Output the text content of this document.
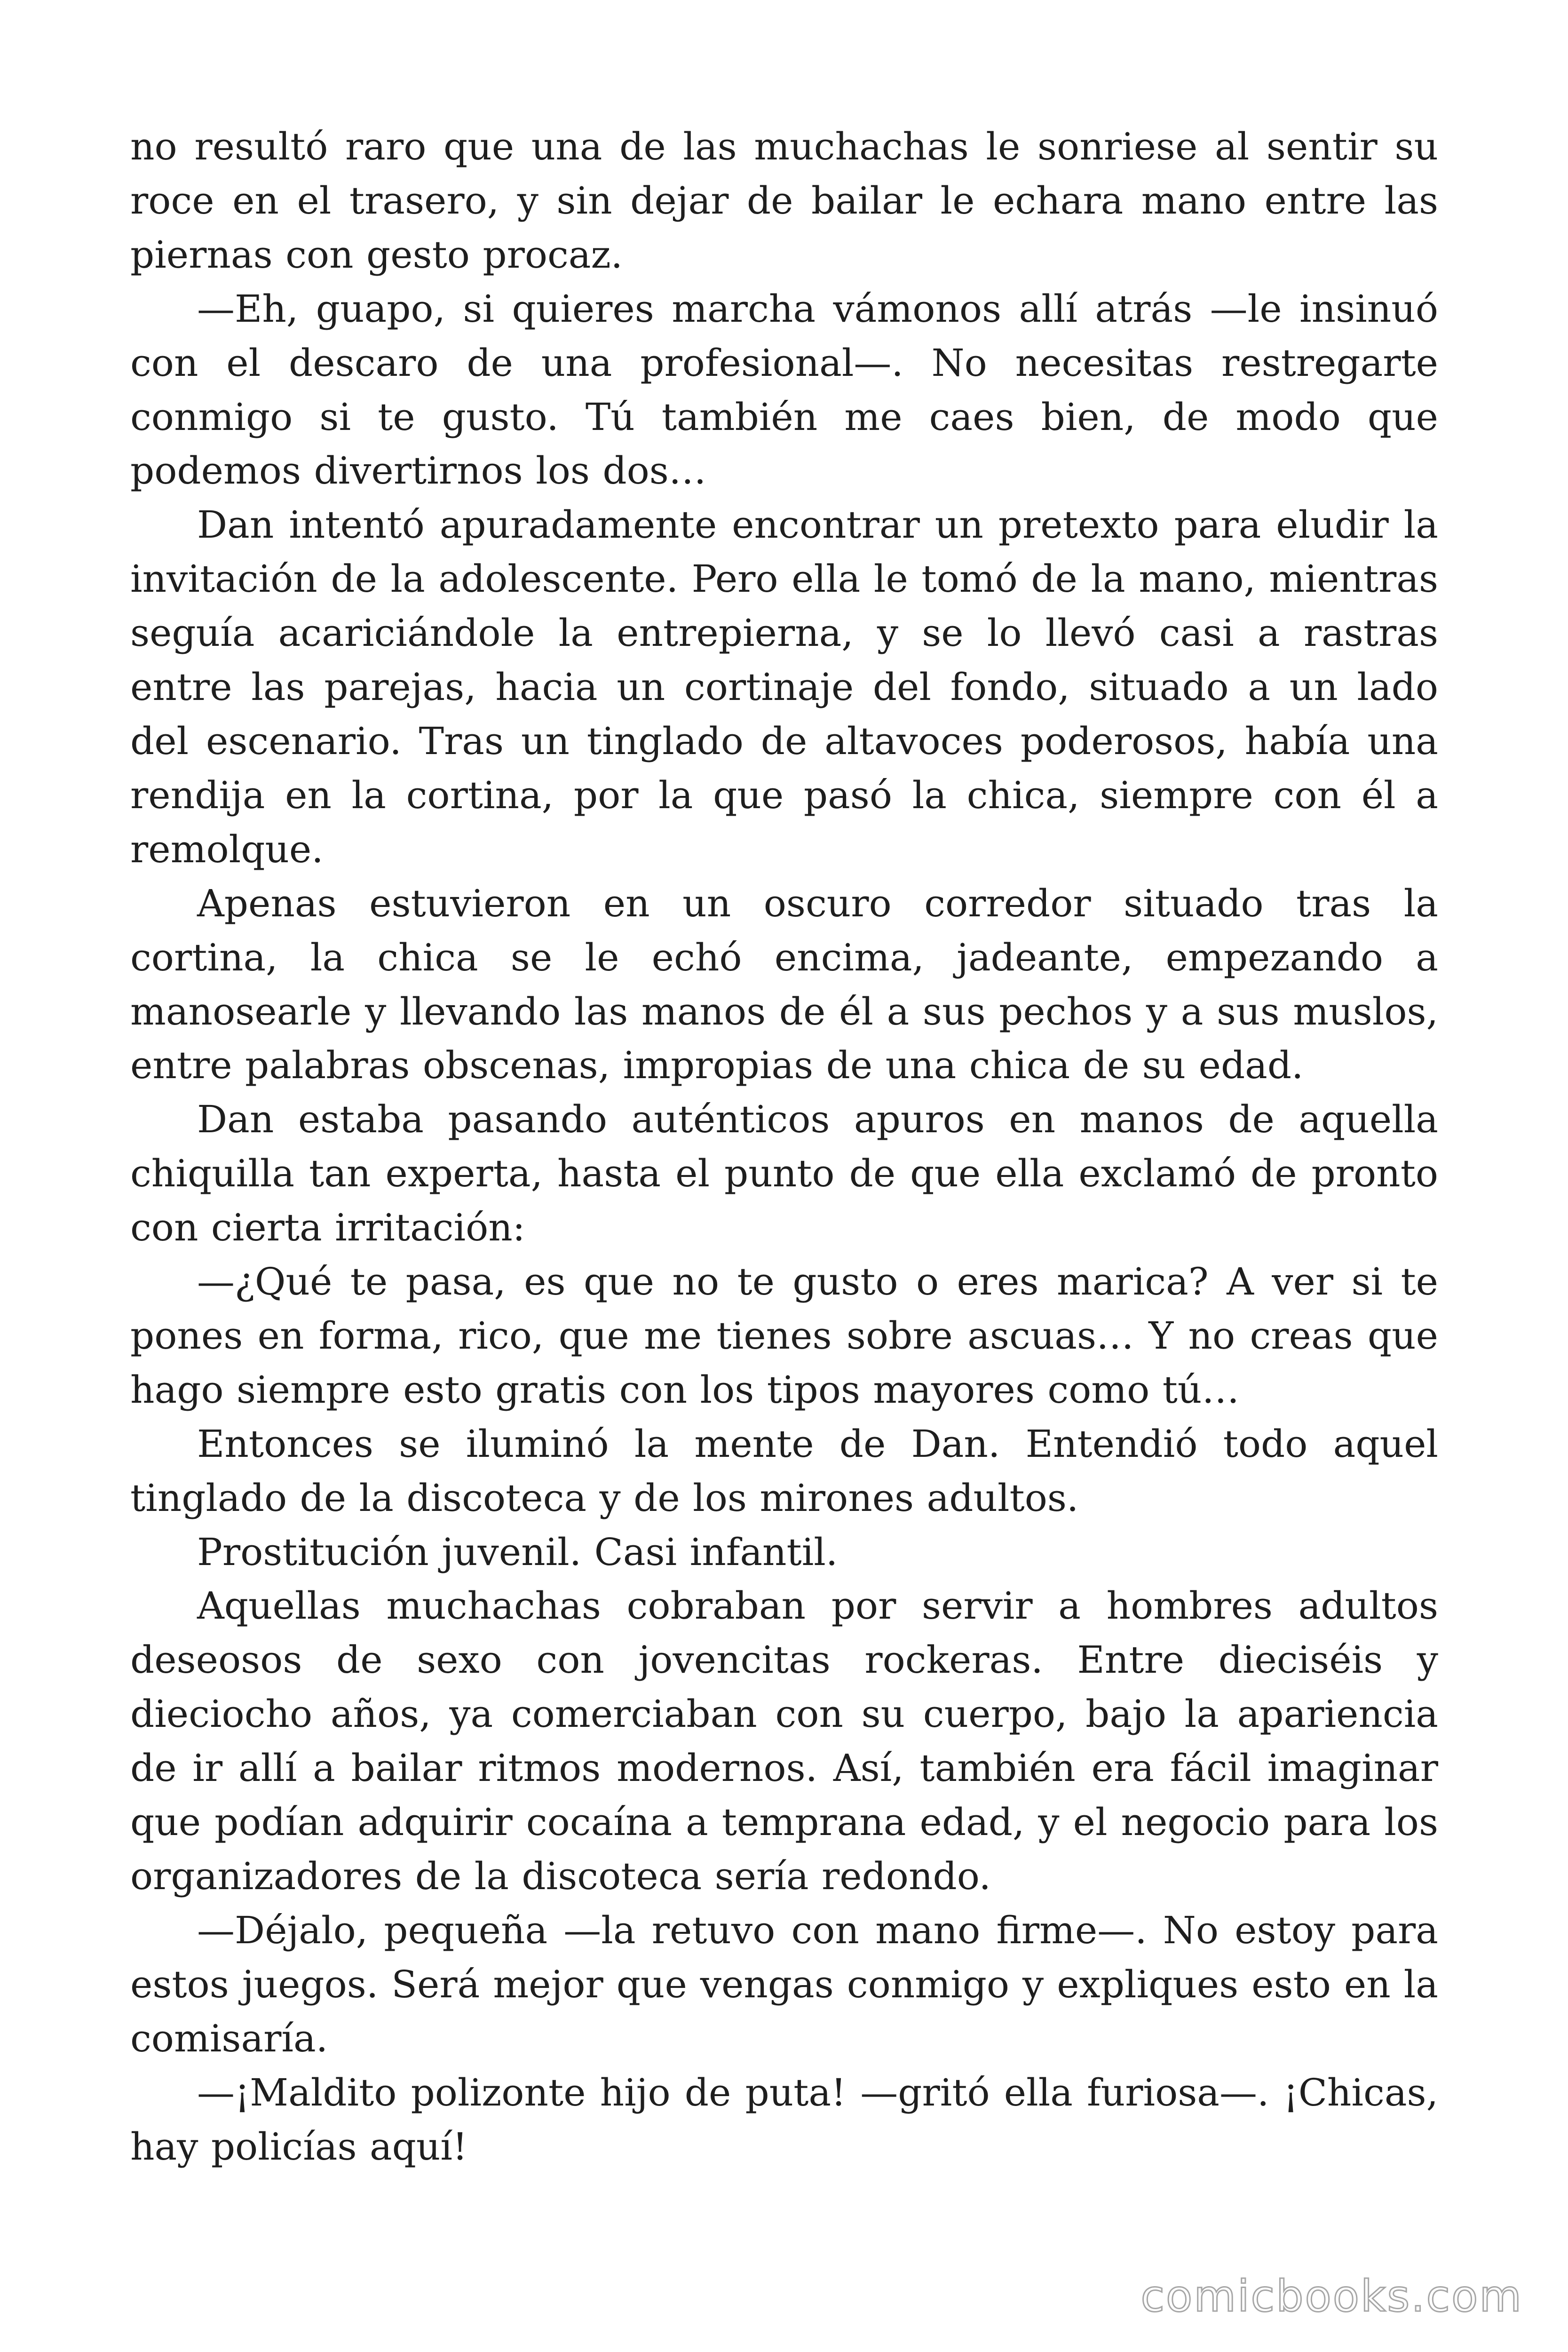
no resultó raro que una de las muchachas le sonriese al sentir su roce en el trasero, y sin dejar de bailar le echara mano entre las piernas con gesto procaz.

—Eh, guapo, si quieres marcha vámonos allí atrás —le insinuó con el descaro de una profesional—. No necesitas restregarte conmigo si te gusto. Tú también me caes bien, de modo que podemos divertirnos los dos…

Dan intentó apuradamente encontrar un pretexto para eludir la invitación de la adolescente. Pero ella le tomó de la mano, mientras seguía acariciándole la entrepierna, y se lo llevó casi a rastras entre las parejas, hacia un cortinaje del fondo, situado a un lado del escenario. Tras un tinglado de altavoces poderosos, había una rendija en la cortina, por la que pasó la chica, siempre con él a remolque.

Apenas estuvieron en un oscuro corredor situado tras la cortina, la chica se le echó encima, jadeante, empezando a manosearle y llevando las manos de él a sus pechos y a sus muslos, entre palabras obscenas, impropias de una chica de su edad.

Dan estaba pasando auténticos apuros en manos de aquella chiquilla tan experta, hasta el punto de que ella exclamó de pronto con cierta irritación:

—¿Qué te pasa, es que no te gusto o eres marica? A ver si te pones en forma, rico, que me tienes sobre ascuas… Y no creas que hago siempre esto gratis con los tipos mayores como tú…

Entonces se iluminó la mente de Dan. Entendió todo aquel tinglado de la discoteca y de los mirones adultos.

Prostitución juvenil. Casi infantil.

Aquellas muchachas cobraban por servir a hombres adultos deseosos de sexo con jovencitas rockeras. Entre dieciséis y dieciocho años, ya comerciaban con su cuerpo, bajo la apariencia de ir allí a bailar ritmos modernos. Así, también era fácil imaginar que podían adquirir cocaína a temprana edad, y el negocio para los organizadores de la discoteca sería redondo.

—Déjalo, pequeña —la retuvo con mano firme—. No estoy para estos juegos. Será mejor que vengas conmigo y expliques esto en la comisaría.

—¡Maldito polizonte hijo de puta! —gritó ella furiosa—. ¡Chicas, hay policías aquí!

comicbooks.com
